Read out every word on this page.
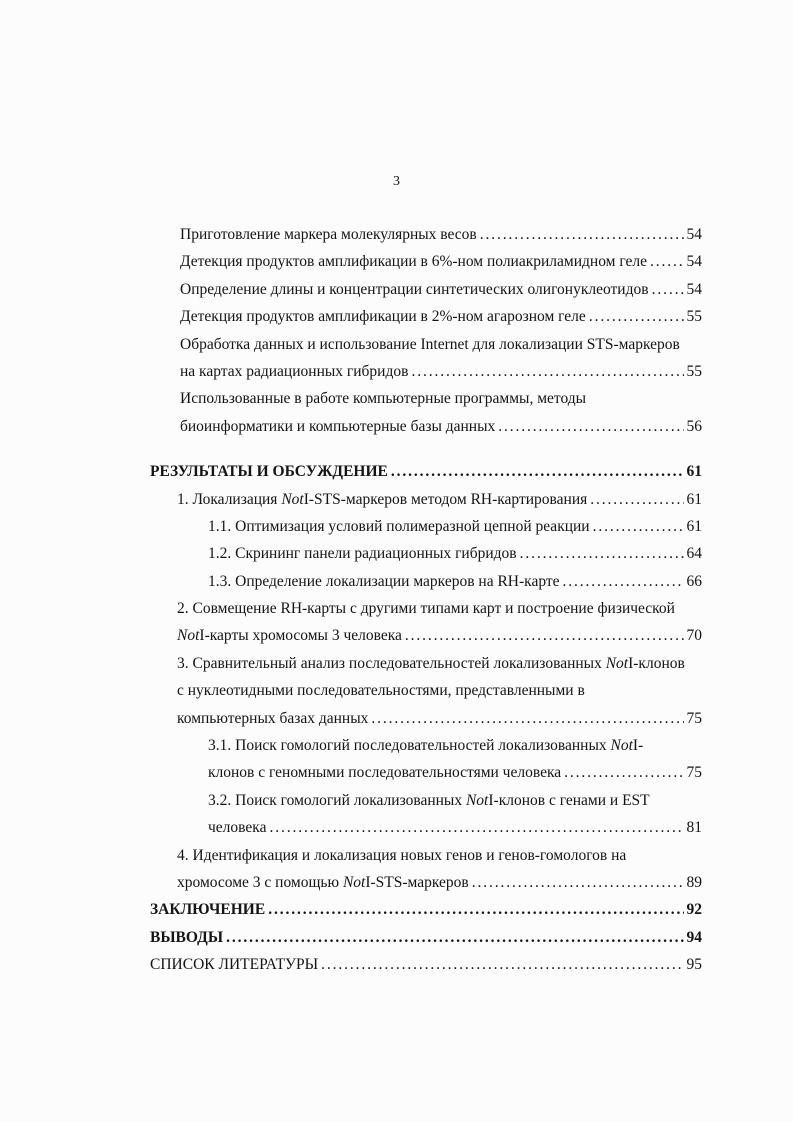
3
Приготовление маркера молекулярных весов . . .	54
Детекция продуктов амплификации в 6%-ном полиакриламидном геле . . .	54
Определение длины и концентрации синтетических олигонуклеотидов . . . 54
Детекция продуктов амплификации в 2%-ном агарозном геле . . .	55
Обработка данных и использование Internet для локализации STS-маркеров
на картах радиационных гибридов . . .	55
Использованные в работе компьютерные программы, методы
биоинформатики и компьютерные базы данных . . .	56
РЕЗУЛЬТАТЫ И ОБСУЖДЕНИЕ . . .	61
1. Локализация NotI-STS-маркеров методом RH-картирования . . .	61
1.1. Оптимизация условий полимеразной цепной реакции . . .	61
1.2. Скрининг панели радиационных гибридов . . .	64
1.3. Определение локализации маркеров на RH-карте . . .	66
2. Совмещение RH-карты с другими типами карт и построение физической
NotI-карты хромосомы 3 человека . . .	70
3. Сравнительный анализ последовательностей локализованных NotI-клонов
с нуклеотидными последовательностями, представленными в
компьютерных базах данных . . .	75
3.1. Поиск гомологий последовательностей локализованных NotI-
клонов с геномными последовательностями человека . . .	75
3.2. Поиск гомологий локализованных NotI-клонов с генами и EST
человека . . .	81
4. Идентификация и локализация новых генов и генов-гомологов на
хромосоме 3 с помощью NotI-STS-маркеров . . .	89
ЗАКЛЮЧЕНИЕ . . .	92
ВЫВОДЫ . . .	94
СПИСОК ЛИТЕРАТУРЫ . . .	95
